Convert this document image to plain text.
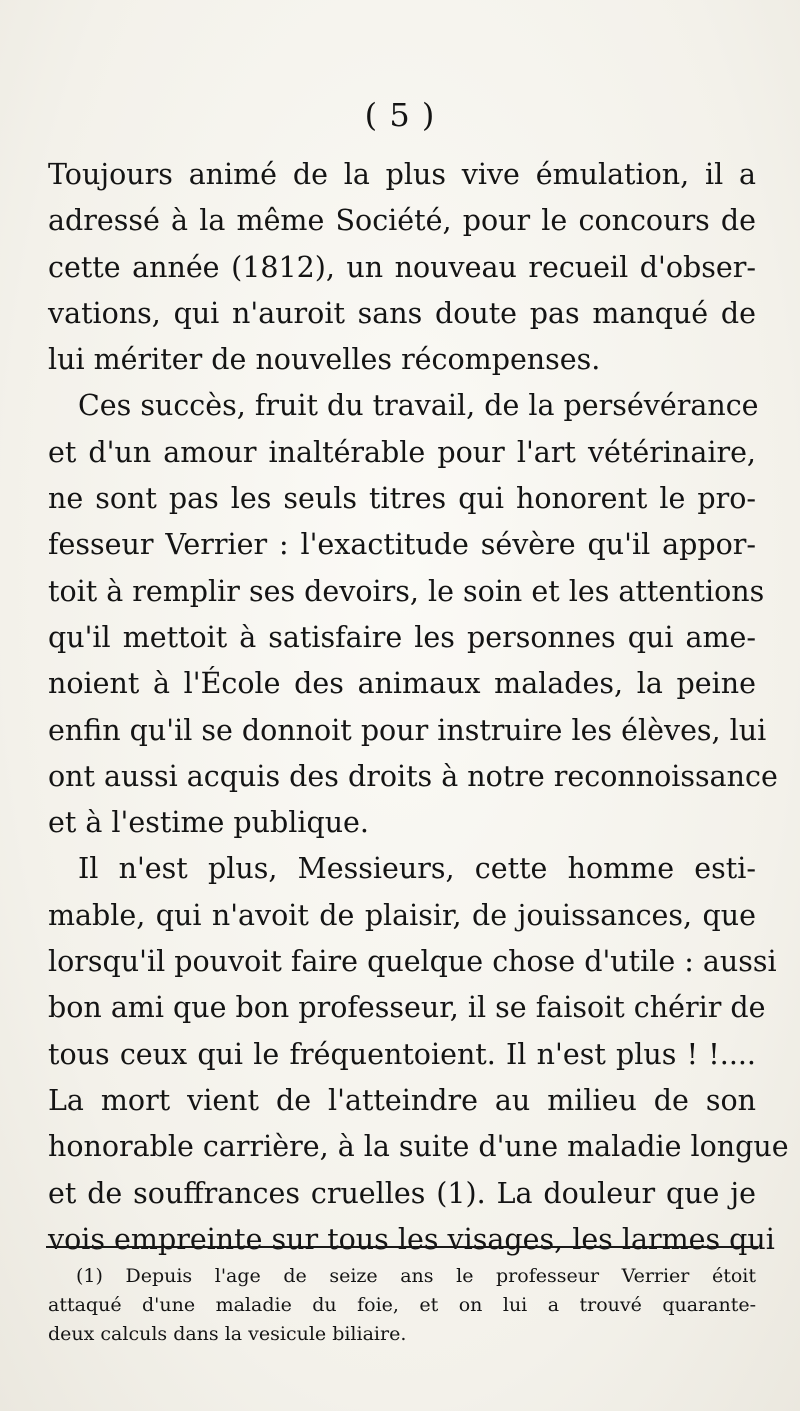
( 5 )
Toujours animé de la plus vive émulation, il a
adressé à la même Société, pour le concours de
cette année (1812), un nouveau recueil d'obser-
vations, qui n'auroit sans doute pas manqué de
lui mériter de nouvelles récompenses.
Ces succès, fruit du travail, de la persévérance
et d'un amour inaltérable pour l'art vétérinaire,
ne sont pas les seuls titres qui honorent le pro-
fesseur Verrier : l'exactitude sévère qu'il appor-
toit à remplir ses devoirs, le soin et les attentions
qu'il mettoit à satisfaire les personnes qui ame-
noient à l'École des animaux malades, la peine
enfin qu'il se donnoit pour instruire les élèves, lui
ont aussi acquis des droits à notre reconnoissance
et à l'estime publique.
Il n'est plus, Messieurs, cette homme esti-
mable, qui n'avoit de plaisir, de jouissances, que
lorsqu'il pouvoit faire quelque chose d'utile : aussi
bon ami que bon professeur, il se faisoit chérir de
tous ceux qui le fréquentoient. Il n'est plus ! !....
La mort vient de l'atteindre au milieu de son
honorable carrière, à la suite d'une maladie longue
et de souffrances cruelles (1). La douleur que je
vois empreinte sur tous les visages, les larmes qui
(1) Depuis l'age de seize ans le professeur Verrier étoit
attaqué d'une maladie du foie, et on lui a trouvé quarante-
deux calculs dans la vesicule biliaire.
